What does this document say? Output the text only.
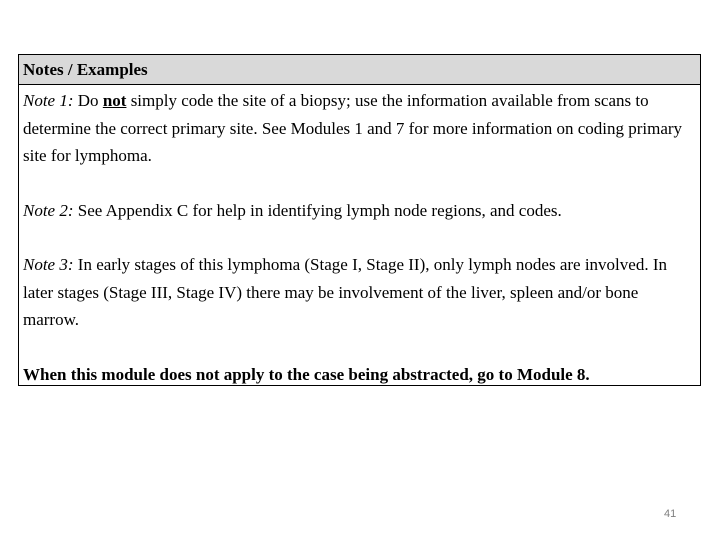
Notes / Examples

Note 1: Do not simply code the site of a biopsy; use the information available from scans to determine the correct primary site. See Modules 1 and 7 for more information on coding primary site for lymphoma.

Note 2: See Appendix C for help in identifying lymph node regions, and codes.

Note 3: In early stages of this lymphoma (Stage I, Stage II), only lymph nodes are involved. In later stages (Stage III, Stage IV) there may be involvement of the liver, spleen and/or bone marrow.

When this module does not apply to the case being abstracted, go to Module 8.

41
